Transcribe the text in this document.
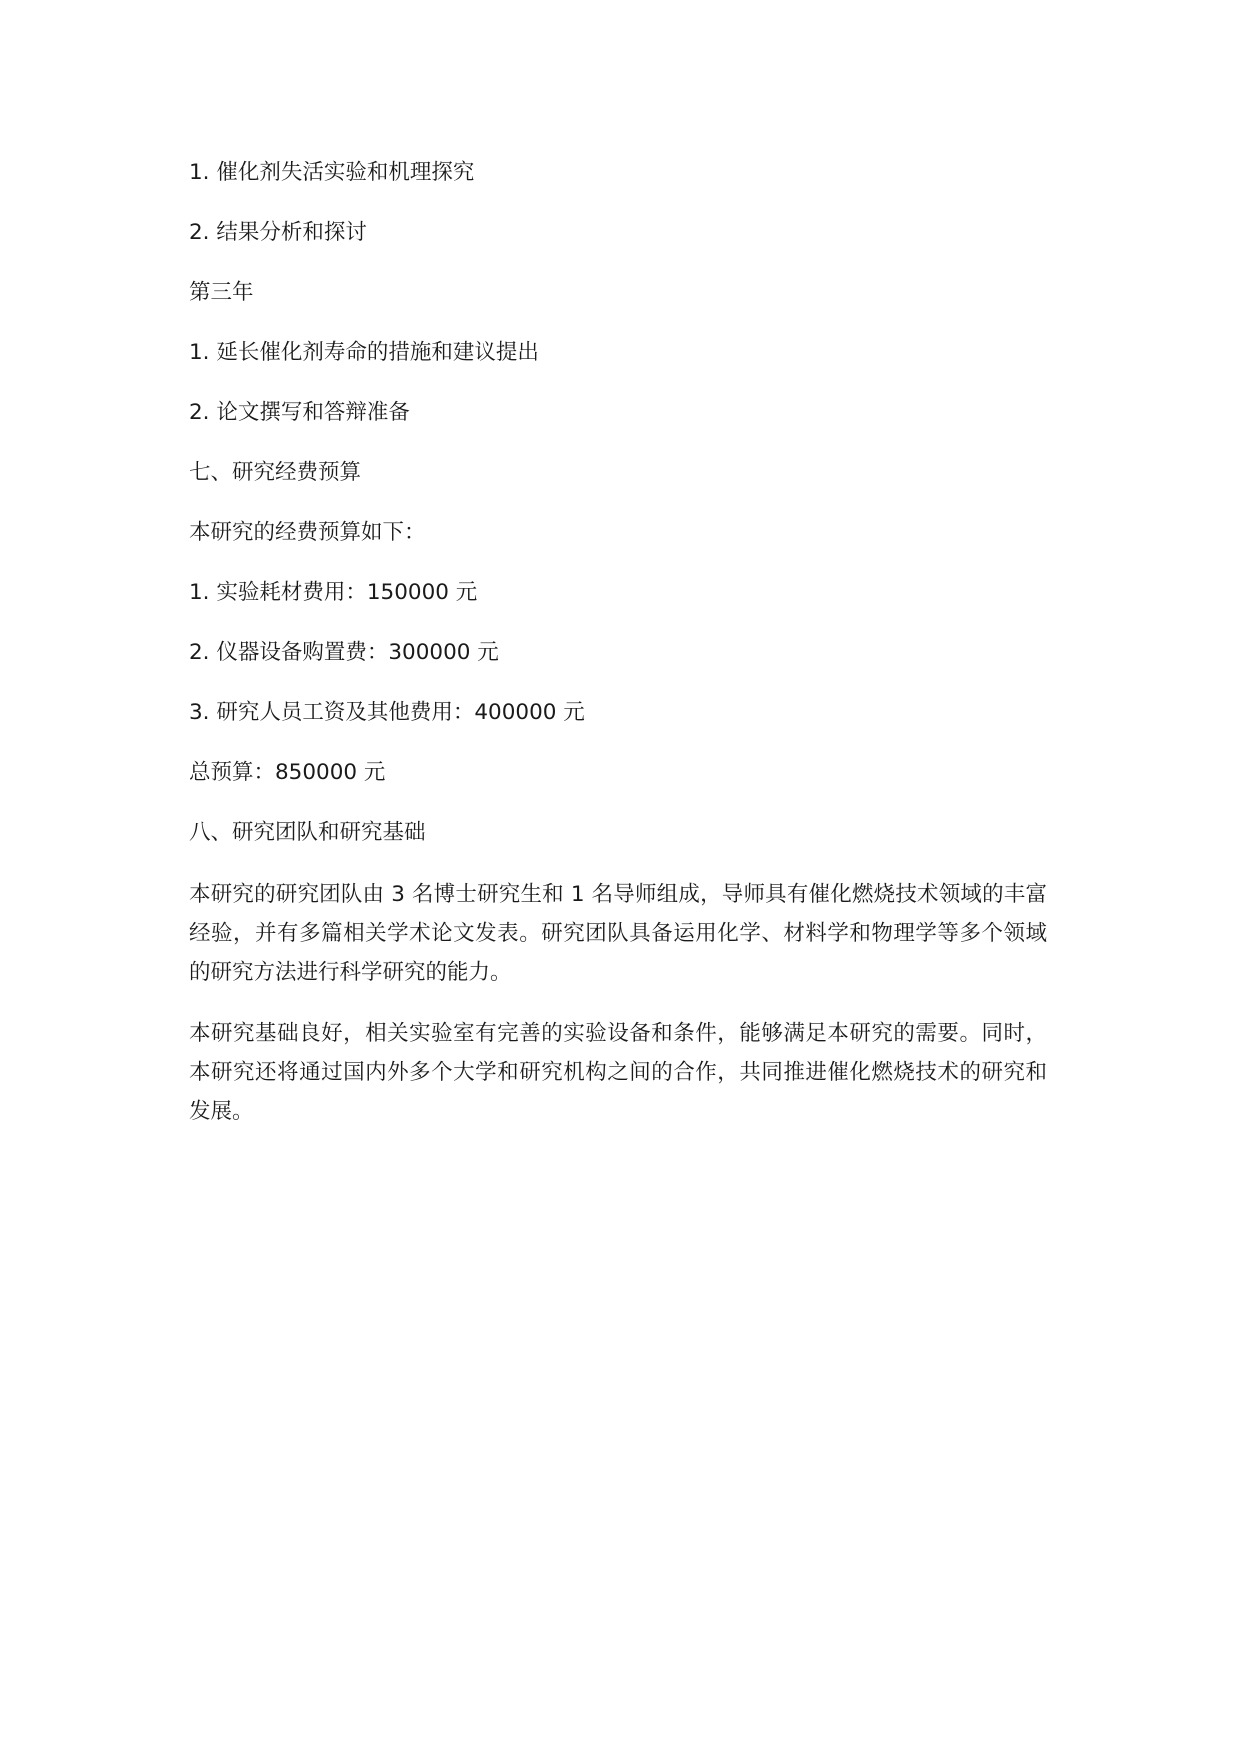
1. 催化剂失活实验和机理探究

2. 结果分析和探讨

第三年

1. 延长催化剂寿命的措施和建议提出

2. 论文撰写和答辩准备

七、研究经费预算

本研究的经费预算如下：

1. 实验耗材费用：150000 元

2. 仪器设备购置费：300000 元

3. 研究人员工资及其他费用：400000 元

总预算：850000 元

八、研究团队和研究基础

本研究的研究团队由 3 名博士研究生和 1 名导师组成，导师具有催化燃烧技术领域的丰富经验，并有多篇相关学术论文发表。研究团队具备运用化学、材料学和物理学等多个领域的研究方法进行科学研究的能力。

本研究基础良好，相关实验室有完善的实验设备和条件，能够满足本研究的需要。同时，本研究还将通过国内外多个大学和研究机构之间的合作，共同推进催化燃烧技术的研究和发展。
